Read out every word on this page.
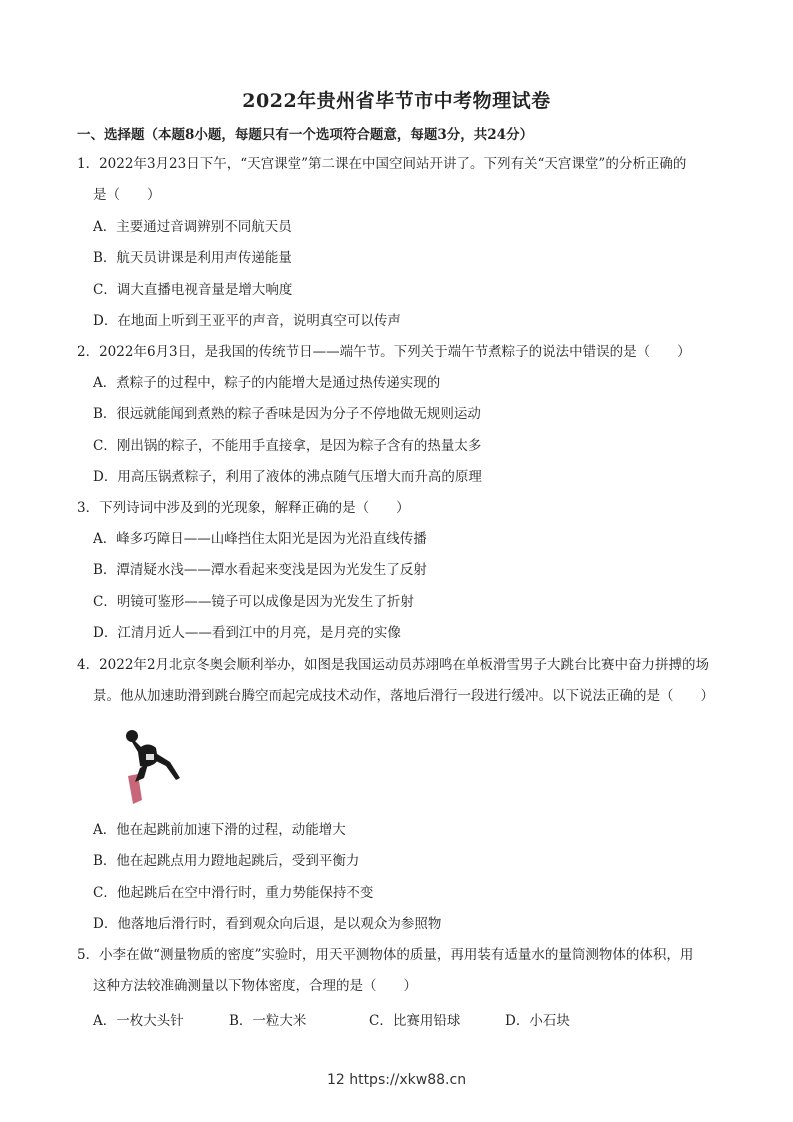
2022年贵州省毕节市中考物理试卷
一、选择题（本题8小题，每题只有一个选项符合题意，每题3分，共24分）
1．2022年3月23日下午，“天宫课堂”第二课在中国空间站开讲了。下列有关“天宫课堂”的分析正确的
是（　　）
A．主要通过音调辨别不同航天员
B．航天员讲课是利用声传递能量
C．调大直播电视音量是增大响度
D．在地面上听到王亚平的声音，说明真空可以传声
2．2022年6月3日，是我国的传统节日——端午节。下列关于端午节煮粽子的说法中错误的是（　　）
A．煮粽子的过程中，粽子的内能增大是通过热传递实现的
B．很远就能闻到煮熟的粽子香味是因为分子不停地做无规则运动
C．刚出锅的粽子，不能用手直接拿，是因为粽子含有的热量太多
D．用高压锅煮粽子，利用了液体的沸点随气压增大而升高的原理
3．下列诗词中涉及到的光现象，解释正确的是（　　）
A．峰多巧障日——山峰挡住太阳光是因为光沿直线传播
B．潭清疑水浅——潭水看起来变浅是因为光发生了反射
C．明镜可鉴形——镜子可以成像是因为光发生了折射
D．江清月近人——看到江中的月亮，是月亮的实像
4．2022年2月北京冬奥会顺利举办，如图是我国运动员苏翊鸣在单板滑雪男子大跳台比赛中奋力拼搏的场
景。他从加速助滑到跳台腾空而起完成技术动作，落地后滑行一段进行缓冲。以下说法正确的是（　　）
A．他在起跳前加速下滑的过程，动能增大
B．他在起跳点用力蹬地起跳后，受到平衡力
C．他起跳后在空中滑行时，重力势能保持不变
D．他落地后滑行时，看到观众向后退，是以观众为参照物
5．小李在做“测量物质的密度”实验时，用天平测物体的质量，再用装有适量水的量筒测物体的体积，用
这种方法较准确测量以下物体密度，合理的是（　　）
A．一枚大头针	B．一粒大米	C．比赛用铅球	D．小石块
12 https://xkw88.cn
